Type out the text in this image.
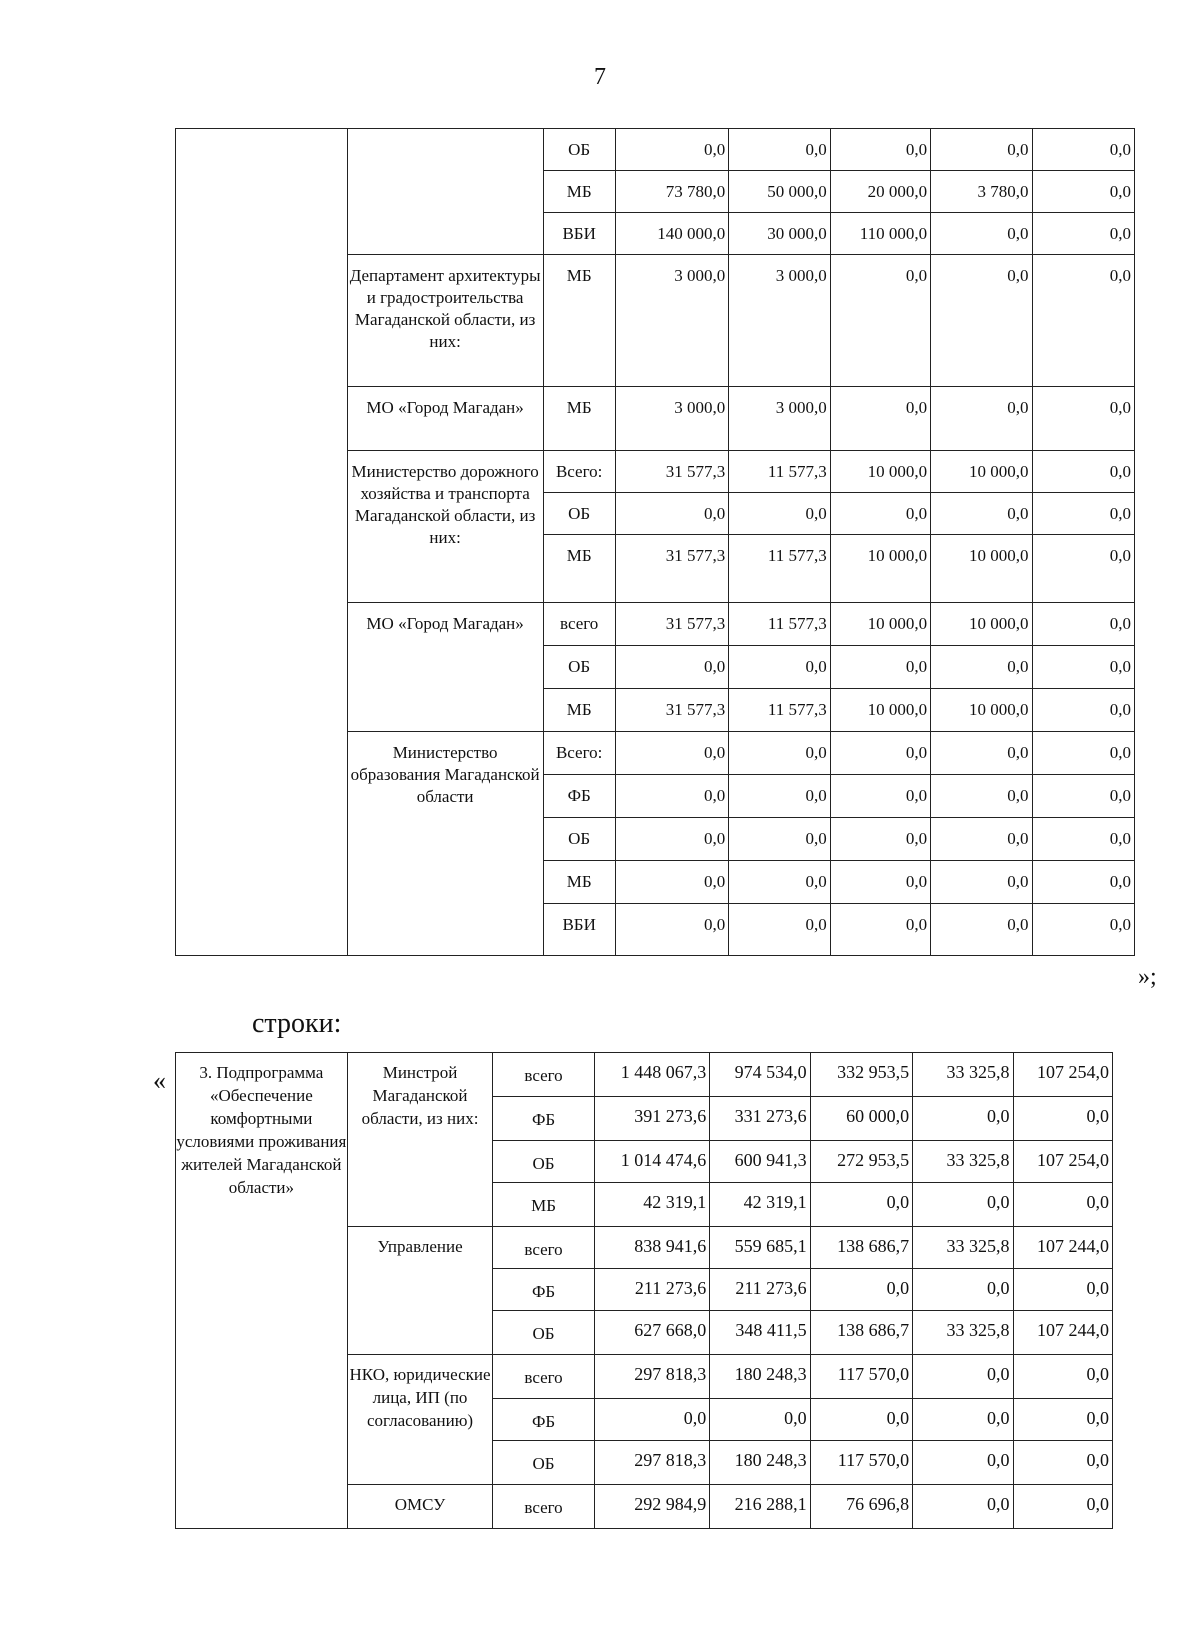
7
		ОБ	0,0	0,0	0,0	0,0	0,0
		МБ	73 780,0	50 000,0	20 000,0	3 780,0	0,0
		ВБИ	140 000,0	30 000,0	110 000,0	0,0	0,0
	Департамент архитектуры и градостроительства Магаданской области, из них:	МБ	3 000,0	3 000,0	0,0	0,0	0,0
	МО «Город Магадан»	МБ	3 000,0	3 000,0	0,0	0,0	0,0
	Министерство дорожного хозяйства и транспорта Магаданской области, из них:	Всего:	31 577,3	11 577,3	10 000,0	10 000,0	0,0
		ОБ	0,0	0,0	0,0	0,0	0,0
		МБ	31 577,3	11 577,3	10 000,0	10 000,0	0,0
	МО «Город Магадан»	всего	31 577,3	11 577,3	10 000,0	10 000,0	0,0
		ОБ	0,0	0,0	0,0	0,0	0,0
		МБ	31 577,3	11 577,3	10 000,0	10 000,0	0,0
	Министерство образования Магаданской области	Всего:	0,0	0,0	0,0	0,0	0,0
		ФБ	0,0	0,0	0,0	0,0	0,0
		ОБ	0,0	0,0	0,0	0,0	0,0
		МБ	0,0	0,0	0,0	0,0	0,0
		ВБИ	0,0	0,0	0,0	0,0	0,0
»;
строки:
« 3. Подпрограмма «Обеспечение комфортными условиями проживания жителей Магаданской области»	Минстрой Магаданской области, из них:	всего	1 448 067,3	974 534,0	332 953,5	33 325,8	107 254,0
		ФБ	391 273,6	331 273,6	60 000,0	0,0	0,0
		ОБ	1 014 474,6	600 941,3	272 953,5	33 325,8	107 254,0
		МБ	42 319,1	42 319,1	0,0	0,0	0,0
	Управление	всего	838 941,6	559 685,1	138 686,7	33 325,8	107 244,0
		ФБ	211 273,6	211 273,6	0,0	0,0	0,0
		ОБ	627 668,0	348 411,5	138 686,7	33 325,8	107 244,0
	НКО, юридические лица, ИП (по согласованию)	всего	297 818,3	180 248,3	117 570,0	0,0	0,0
		ФБ	0,0	0,0	0,0	0,0	0,0
		ОБ	297 818,3	180 248,3	117 570,0	0,0	0,0
	ОМСУ	всего	292 984,9	216 288,1	76 696,8	0,0	0,0
